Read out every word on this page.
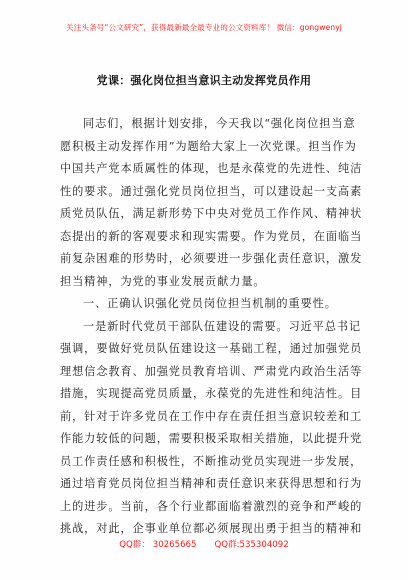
关注头条号“公文研究”，获得最新最全最专业的公文资料库！ 微信：gongwenyj
党课：强化岗位担当意识主动发挥党员作用
同志们，根据计划安排，今天我以“强化岗位担当意
愿积极主动发挥作用”为题给大家上一次党课。担当作为
中国共产党本质属性的体现，也是永葆党的先进性、纯洁
性的要求。通过强化党员岗位担当，可以建设起一支高素
质党员队伍，满足新形势下中央对党员工作作风、精神状
态提出的新的客观要求和现实需要。作为党员，在面临当
前复杂困难的形势时，必须要进一步强化责任意识，激发
担当精神，为党的事业发展贡献力量。
一、正确认识强化党员岗位担当机制的重要性。
一是新时代党员干部队伍建设的需要。习近平总书记
强调，要做好党员队伍建设这一基础工程，通过加强党员
理想信念教育、加强党员教育培训、严肃党内政治生活等
措施，实现提高党员质量，永葆党的先进性和纯洁性。目
前，针对于许多党员在工作中存在责任担当意识较差和工
作能力较低的问题，需要积极采取相关措施，以此提升党
员工作责任感和积极性，不断推动党员实现进一步发展，
通过培育党员岗位担当精神和责任意识来获得思想和行为
上的进步。当前，各个行业都面临着激烈的竞争和严峻的
挑战，对此，企事业单位都必须展现出勇于担当的精神和
QQ群： 30265665 QQ群:535304092
